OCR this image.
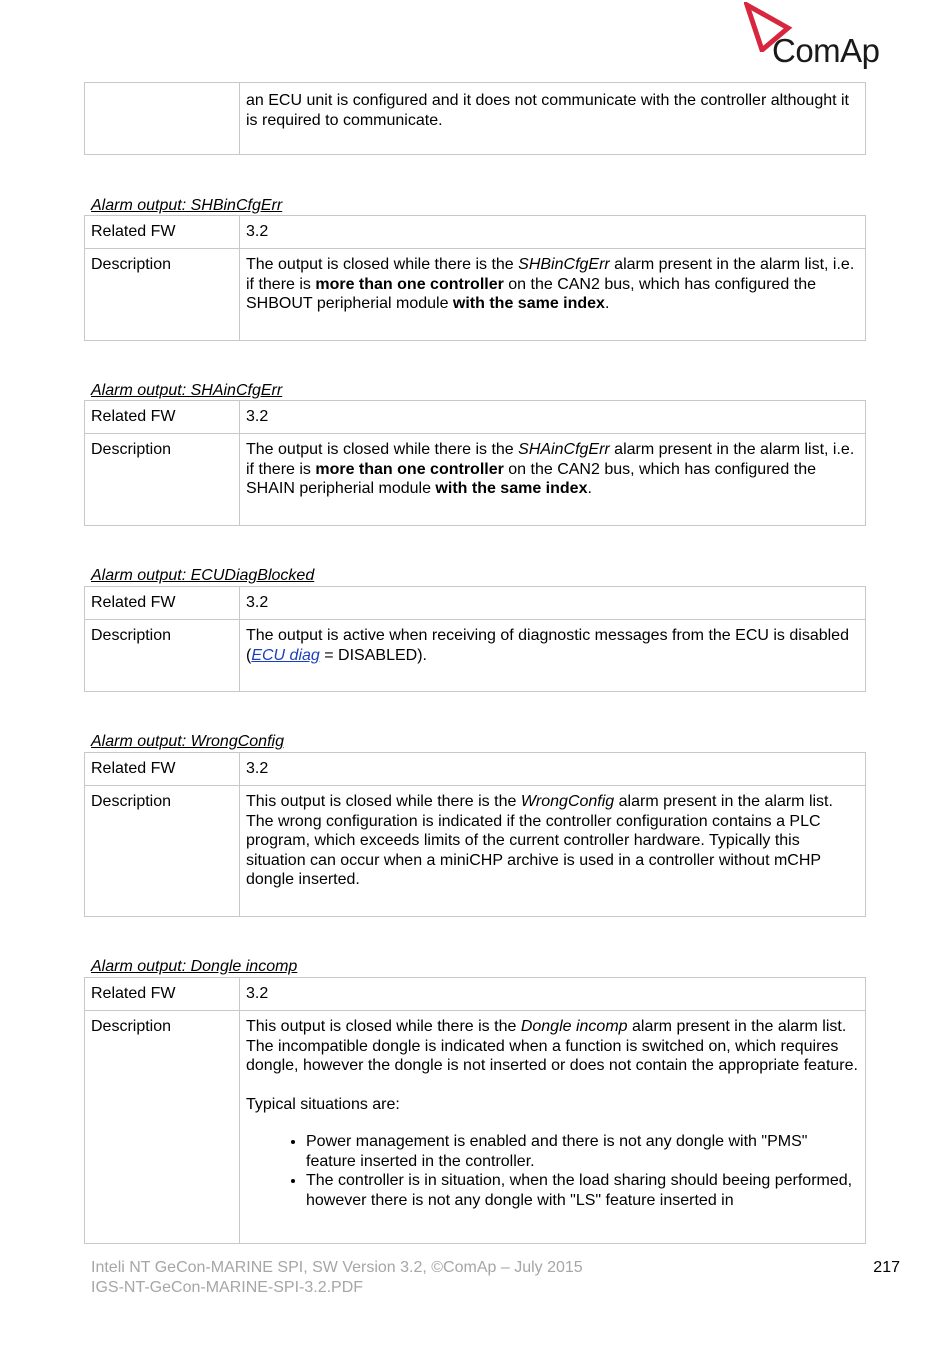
ComAp
an ECU unit is configured and it does not communicate with the controller althought it is required to communicate.
Alarm output: SHBinCfgErr
Related FW	3.2
Description	The output is closed while there is the SHBinCfgErr alarm present in the alarm list, i.e. if there is more than one controller on the CAN2 bus, which has configured the SHBOUT peripherial module with the same index.
Alarm output: SHAinCfgErr
Related FW	3.2
Description	The output is closed while there is the SHAinCfgErr alarm present in the alarm list, i.e. if there is more than one controller on the CAN2 bus, which has configured the SHAIN peripherial module with the same index.
Alarm output: ECUDiagBlocked
Related FW	3.2
Description	The output is active when receiving of diagnostic messages from the ECU is disabled (ECU diag = DISABLED).
Alarm output: WrongConfig
Related FW	3.2
Description	This output is closed while there is the WrongConfig alarm present in the alarm list. The wrong configuration is indicated if the controller configuration contains a PLC program, which exceeds limits of the current controller hardware. Typically this situation can occur when a miniCHP archive is used in a controller without mCHP dongle inserted.
Alarm output: Dongle incomp
Related FW	3.2
Description	This output is closed while there is the Dongle incomp alarm present in the alarm list. The incompatible dongle is indicated when a function is switched on, which requires dongle, however the dongle is not inserted or does not contain the appropriate feature.

Typical situations are:

• Power management is enabled and there is not any dongle with "PMS" feature inserted in the controller.
• The controller is in situation, when the load sharing should beeing performed, however there is not any dongle with "LS" feature inserted in
Inteli NT GeCon-MARINE SPI, SW Version 3.2, ©ComAp – July 2015
IGS-NT-GeCon-MARINE-SPI-3.2.PDF
217
